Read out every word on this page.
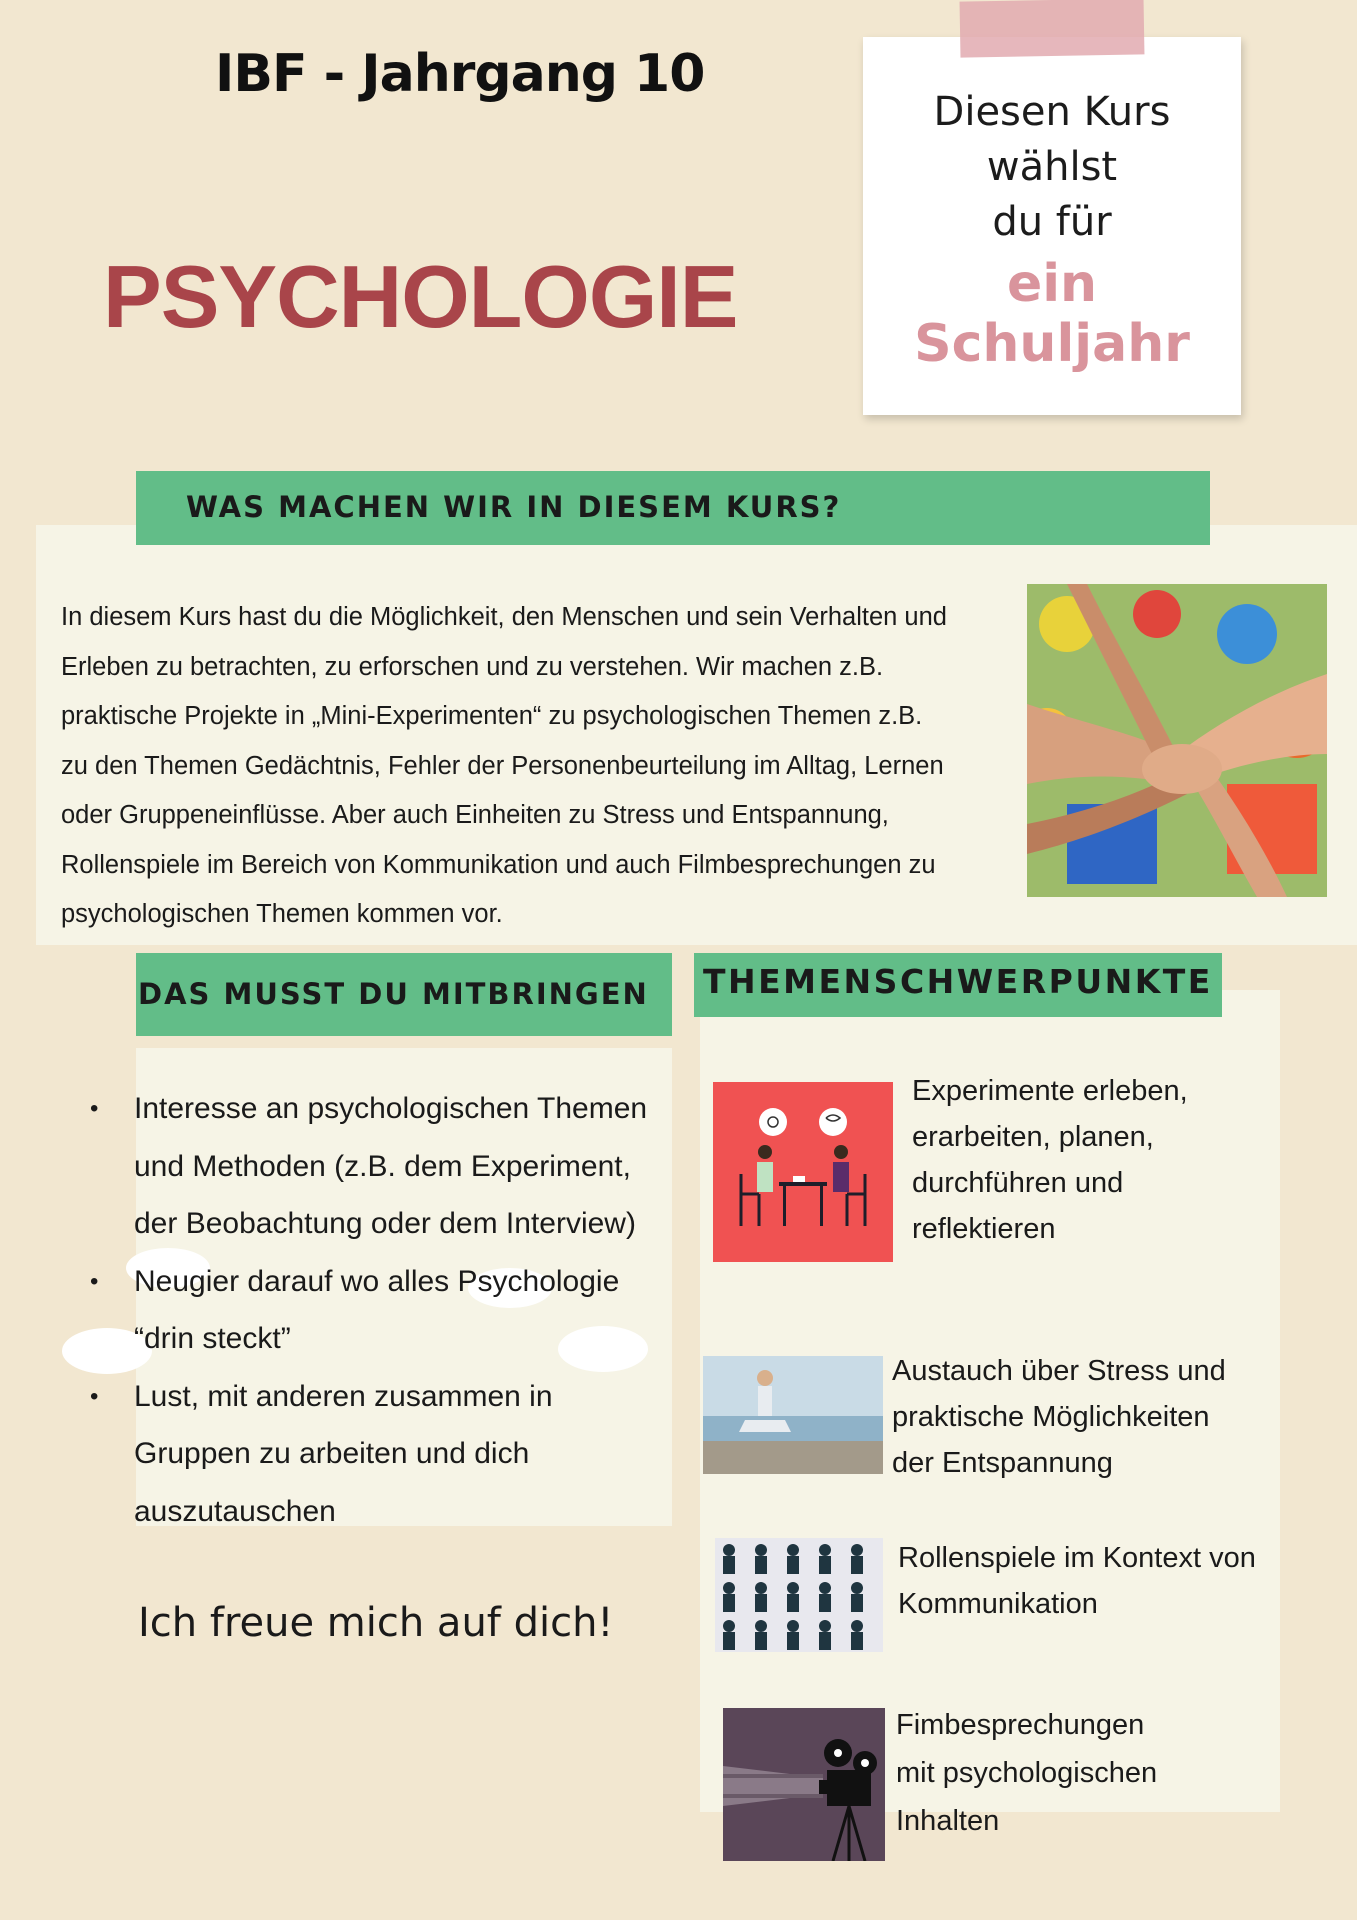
IBF - Jahrgang 10
PSYCHOLOGIE
Diesen Kurs
wählst
du für
ein Schuljahr
WAS MACHEN WIR IN DIESEM KURS?
In diesem Kurs hast du die Möglichkeit, den Menschen und sein Verhalten und
Erleben zu betrachten, zu erforschen und zu verstehen. Wir machen z.B.
praktische Projekte in „Mini-Experimenten“ zu psychologischen Themen z.B.
zu den Themen Gedächtnis, Fehler der Personenbeurteilung im Alltag, Lernen
oder Gruppeneinflüsse. Aber auch Einheiten zu Stress und Entspannung,
Rollenspiele im Bereich von Kommunikation und auch Filmbesprechungen zu
psychologischen Themen kommen vor.
DAS MUSST DU MITBRINGEN
• Interesse an psychologischen Themen
und Methoden (z.B. dem Experiment,
der Beobachtung oder dem Interview)
• Neugier darauf wo alles Psychologie
“drin steckt”
• Lust, mit anderen zusammen in
Gruppen zu arbeiten und dich
auszutauschen
Ich freue mich auf dich!
THEMENSCHWERPUNKTE
Experimente erleben,
erarbeiten, planen,
durchführen und
reflektieren
Austauch über Stress und
praktische Möglichkeiten
der Entspannung
Rollenspiele im Kontext von
Kommunikation
Fimbesprechungen
mit psychologischen
Inhalten
